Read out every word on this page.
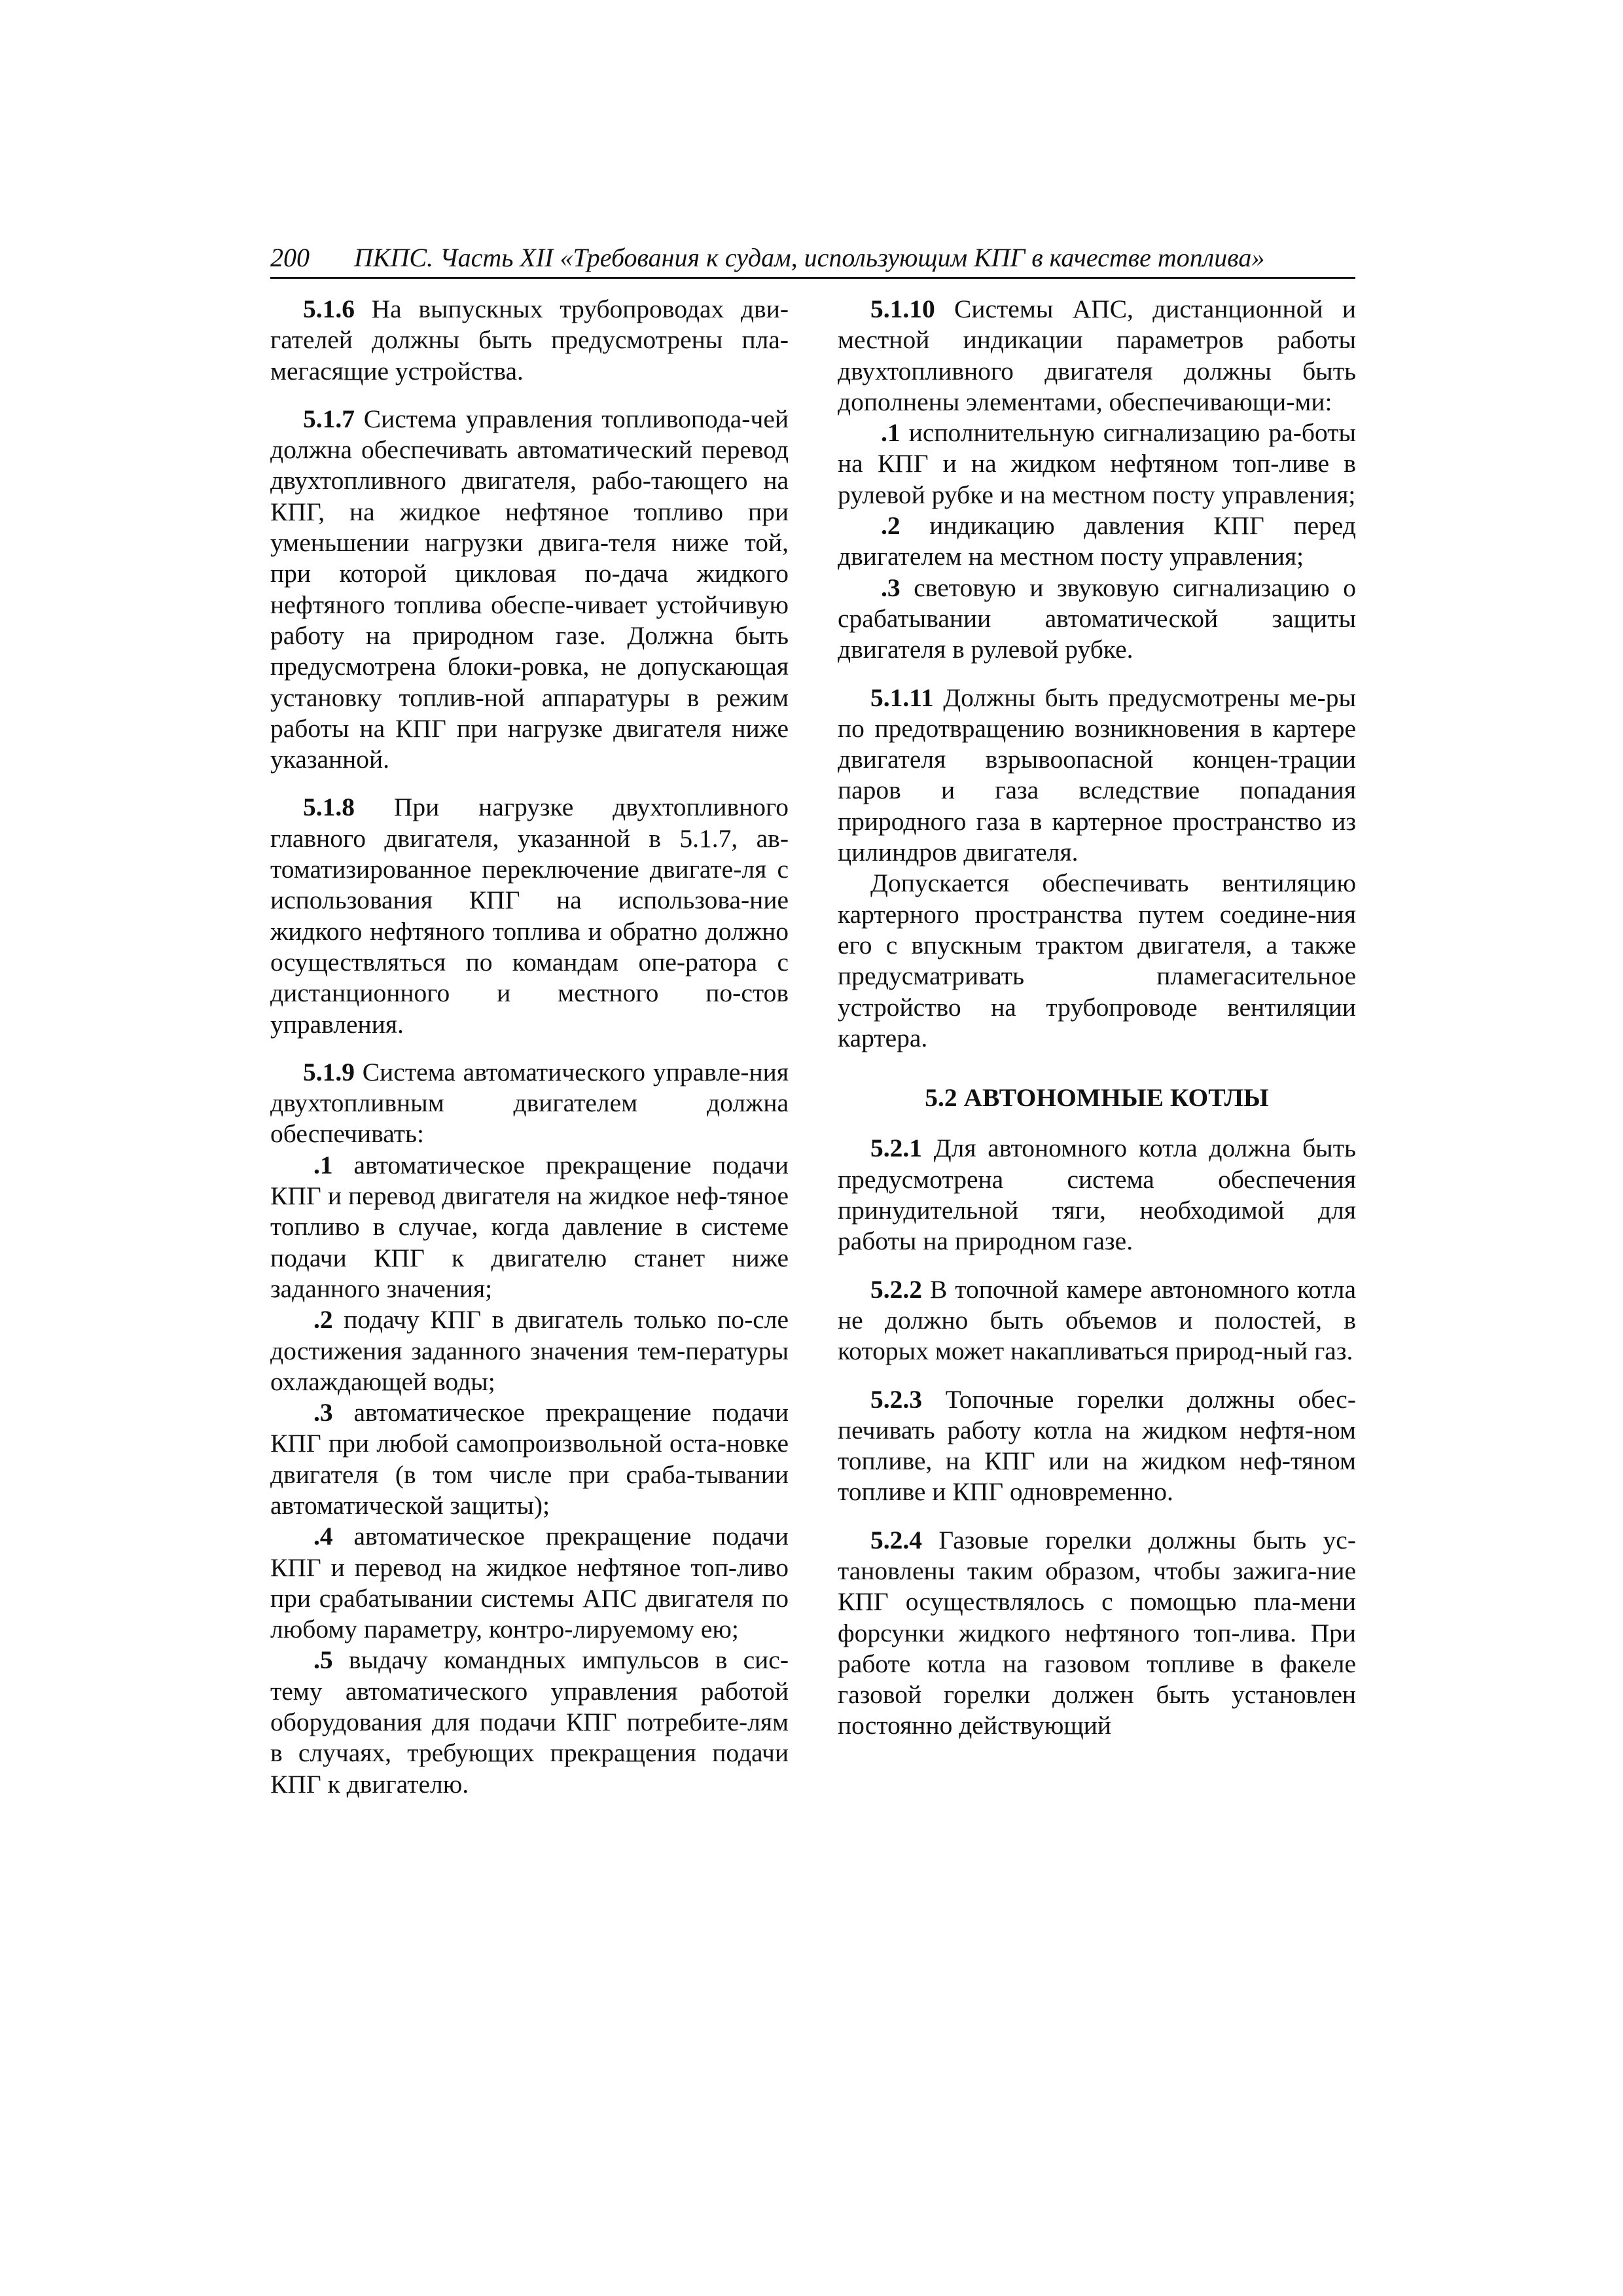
200 ПКПС. Часть XII «Требования к судам, использующим КПГ в качестве топлива»

5.1.6 На выпускных трубопроводах дви-гателей должны быть предусмотрены пла-мегасящие устройства.

5.1.7 Система управления топливопода-чей должна обеспечивать автоматический перевод двухтопливного двигателя, рабо-тающего на КПГ, на жидкое нефтяное топливо при уменьшении нагрузки двига-теля ниже той, при которой цикловая по-дача жидкого нефтяного топлива обеспе-чивает устойчивую работу на природном газе. Должна быть предусмотрена блоки-ровка, не допускающая установку топлив-ной аппаратуры в режим работы на КПГ при нагрузке двигателя ниже указанной.

5.1.8 При нагрузке двухтопливного главного двигателя, указанной в 5.1.7, ав-томатизированное переключение двигате-ля с использования КПГ на использова-ние жидкого нефтяного топлива и обратно должно осуществляться по командам опе-ратора с дистанционного и местного по-стов управления.

5.1.9 Система автоматического управле-ния двухтопливным двигателем должна обеспечивать:

.1 автоматическое прекращение подачи КПГ и перевод двигателя на жидкое неф-тяное топливо в случае, когда давление в системе подачи КПГ к двигателю станет ниже заданного значения;

.2 подачу КПГ в двигатель только по-сле достижения заданного значения тем-пературы охлаждающей воды;

.3 автоматическое прекращение подачи КПГ при любой самопроизвольной оста-новке двигателя (в том числе при сраба-тывании автоматической защиты);

.4 автоматическое прекращение подачи КПГ и перевод на жидкое нефтяное топ-ливо при срабатывании системы АПС двигателя по любому параметру, контро-лируемому ею;

.5 выдачу командных импульсов в сис-тему автоматического управления работой оборудования для подачи КПГ потребите-лям в случаях, требующих прекращения подачи КПГ к двигателю.

5.1.10 Системы АПС, дистанционной и местной индикации параметров работы двухтопливного двигателя должны быть дополнены элементами, обеспечивающи-ми:

.1 исполнительную сигнализацию ра-боты на КПГ и на жидком нефтяном топ-ливе в рулевой рубке и на местном посту управления;

.2 индикацию давления КПГ перед двигателем на местном посту управления;

.3 световую и звуковую сигнализацию о срабатывании автоматической защиты двигателя в рулевой рубке.

5.1.11 Должны быть предусмотрены ме-ры по предотвращению возникновения в картере двигателя взрывоопасной концен-трации паров и газа вследствие попадания природного газа в картерное пространство из цилиндров двигателя.

Допускается обеспечивать вентиляцию картерного пространства путем соедине-ния его с впускным трактом двигателя, а также предусматривать пламегасительное устройство на трубопроводе вентиляции картера.

5.2 АВТОНОМНЫЕ КОТЛЫ

5.2.1 Для автономного котла должна быть предусмотрена система обеспечения принудительной тяги, необходимой для работы на природном газе.

5.2.2 В топочной камере автономного котла не должно быть объемов и полостей, в которых может накапливаться природ-ный газ.

5.2.3 Топочные горелки должны обес-печивать работу котла на жидком нефтя-ном топливе, на КПГ или на жидком неф-тяном топливе и КПГ одновременно.

5.2.4 Газовые горелки должны быть ус-тановлены таким образом, чтобы зажига-ние КПГ осуществлялось с помощью пла-мени форсунки жидкого нефтяного топ-лива. При работе котла на газовом топливе в факеле газовой горелки должен быть установлен постоянно действующий
